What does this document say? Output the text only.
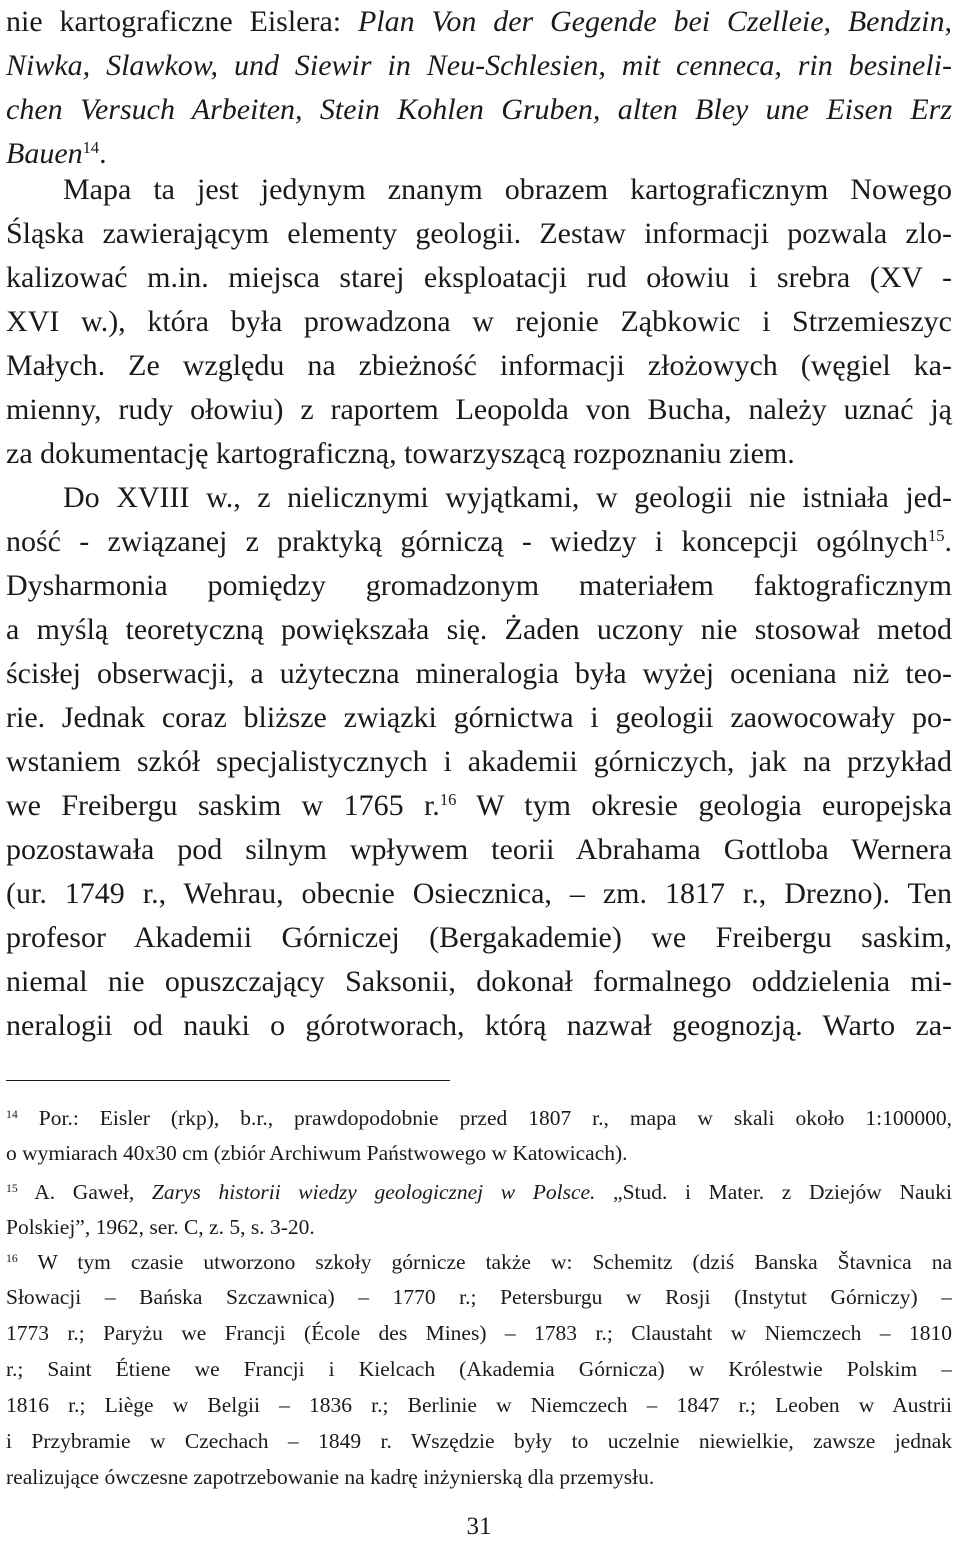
nie kartograficzne Eislera: Plan Von der Gegende bei Czelleie, Bendzin,
Niwka, Slawkow, und Siewir in Neu-Schlesien, mit cenneca, rin besineli-
chen Versuch Arbeiten, Stein Kohlen Gruben, alten Bley une Eisen Erz
Bauen$^{14}$.
Mapa ta jest jedynym znanym obrazem kartograficznym Nowego
Śląska zawierającym elementy geologii. Zestaw informacji pozwala zlo-
kalizować m.in. miejsca starej eksploatacji rud ołowiu i srebra (XV -
XVI w.), która była prowadzona w rejonie Ząbkowic i Strzemieszyc
Małych. Ze względu na zbieżność informacji złożowych (węgiel ka-
mienny, rudy ołowiu) z raportem Leopolda von Bucha, należy uznać ją
za dokumentację kartograficzną, towarzyszącą rozpoznaniu ziem.
Do XVIII w., z nielicznymi wyjątkami, w geologii nie istniała jed-
ność - związanej z praktyką górniczą - wiedzy i koncepcji ogólnych$^{15}$.
Dysharmonia pomiędzy gromadzonym materiałem faktograficznym
a myślą teoretyczną powiększała się. Żaden uczony nie stosował metod
ścisłej obserwacji, a użyteczna mineralogia była wyżej oceniana niż teo-
rie. Jednak coraz bliższe związki górnictwa i geologii zaowocowały po-
wstaniem szkół specjalistycznych i akademii górniczych, jak na przykład
we Freibergu saskim w 1765 r.$^{16}$ W tym okresie geologia europejska
pozostawała pod silnym wpływem teorii Abrahama Gottloba Wernera
(ur. 1749 r., Wehrau, obecnie Osiecznica, – zm. 1817 r., Drezno). Ten
profesor Akademii Górniczej (Bergakademie) we Freibergu saskim,
niemal nie opuszczający Saksonii, dokonał formalnego oddzielenia mi-
neralogii od nauki o górotworach, którą nazwał geognozją. Warto za-
$^{14}$ Por.: Eisler (rkp), b.r., prawdopodobnie przed 1807 r., mapa w skali około 1:100000,
o wymiarach 40x30 cm (zbiór Archiwum Państwowego w Katowicach).
$^{15}$ A. Gaweł, Zarys historii wiedzy geologicznej w Polsce. „Stud. i Mater. z Dziejów Nauki
Polskiej”, 1962, ser. C, z. 5, s. 3-20.
$^{16}$ W tym czasie utworzono szkoły górnicze także w: Schemitz (dziś Banska Štavnica na
Słowacji – Bańska Szczawnica) – 1770 r.; Petersburgu w Rosji (Instytut Górniczy) –
1773 r.; Paryżu we Francji (École des Mines) – 1783 r.; Claustaht w Niemczech – 1810
r.; Saint Étiene we Francji i Kielcach (Akademia Górnicza) w Królestwie Polskim –
1816 r.; Liège w Belgii – 1836 r.; Berlinie w Niemczech – 1847 r.; Leoben w Austrii
i Przybramie w Czechach – 1849 r. Wszędzie były to uczelnie niewielkie, zawsze jednak
realizujące ówczesne zapotrzebowanie na kadrę inżynierską dla przemysłu.
31
